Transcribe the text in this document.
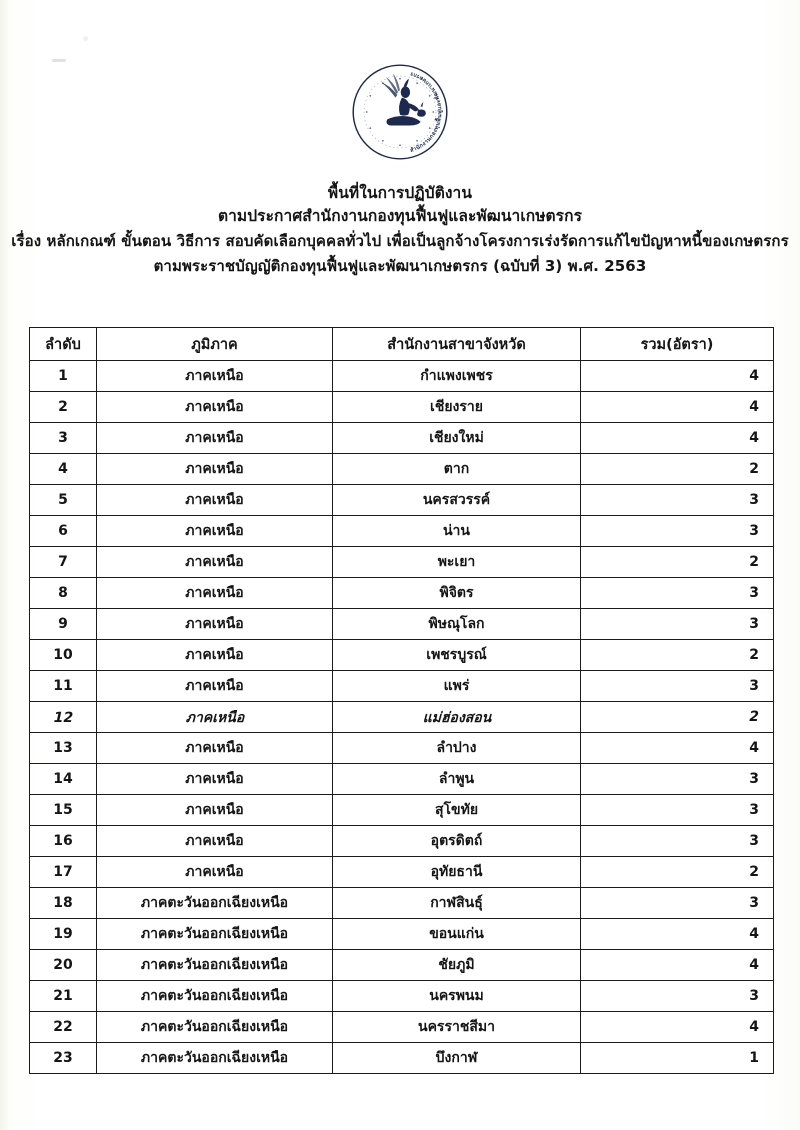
สำนักงานกองทุนฟื้นฟูและพัฒนาเกษตรกร
พื้นที่ในการปฏิบัติงาน
ตามประกาศสำนักงานกองทุนฟื้นฟูและพัฒนาเกษตรกร
เรื่อง หลักเกณฑ์ ขั้นตอน วิธีการ สอบคัดเลือกบุคคลทั่วไป เพื่อเป็นลูกจ้างโครงการเร่งรัดการแก้ไขปัญหาหนี้ของเกษตรกร
ตามพระราชบัญญัติกองทุนฟื้นฟูและพัฒนาเกษตรกร (ฉบับที่ 3) พ.ศ. 2563
ลำดับ	ภูมิภาค	สำนักงานสาขาจังหวัด	รวม(อัตรา)
1	ภาคเหนือ	กำแพงเพชร	4
2	ภาคเหนือ	เชียงราย	4
3	ภาคเหนือ	เชียงใหม่	4
4	ภาคเหนือ	ตาก	2
5	ภาคเหนือ	นครสวรรค์	3
6	ภาคเหนือ	น่าน	3
7	ภาคเหนือ	พะเยา	2
8	ภาคเหนือ	พิจิตร	3
9	ภาคเหนือ	พิษณุโลก	3
10	ภาคเหนือ	เพชรบูรณ์	2
11	ภาคเหนือ	แพร่	3
12	ภาคเหนือ	แม่ฮ่องสอน	2
13	ภาคเหนือ	ลำปาง	4
14	ภาคเหนือ	ลำพูน	3
15	ภาคเหนือ	สุโขทัย	3
16	ภาคเหนือ	อุตรดิตถ์	3
17	ภาคเหนือ	อุทัยธานี	2
18	ภาคตะวันออกเฉียงเหนือ	กาฬสินธุ์	3
19	ภาคตะวันออกเฉียงเหนือ	ขอนแก่น	4
20	ภาคตะวันออกเฉียงเหนือ	ชัยภูมิ	4
21	ภาคตะวันออกเฉียงเหนือ	นครพนม	3
22	ภาคตะวันออกเฉียงเหนือ	นครราชสีมา	4
23	ภาคตะวันออกเฉียงเหนือ	บึงกาฬ	1
